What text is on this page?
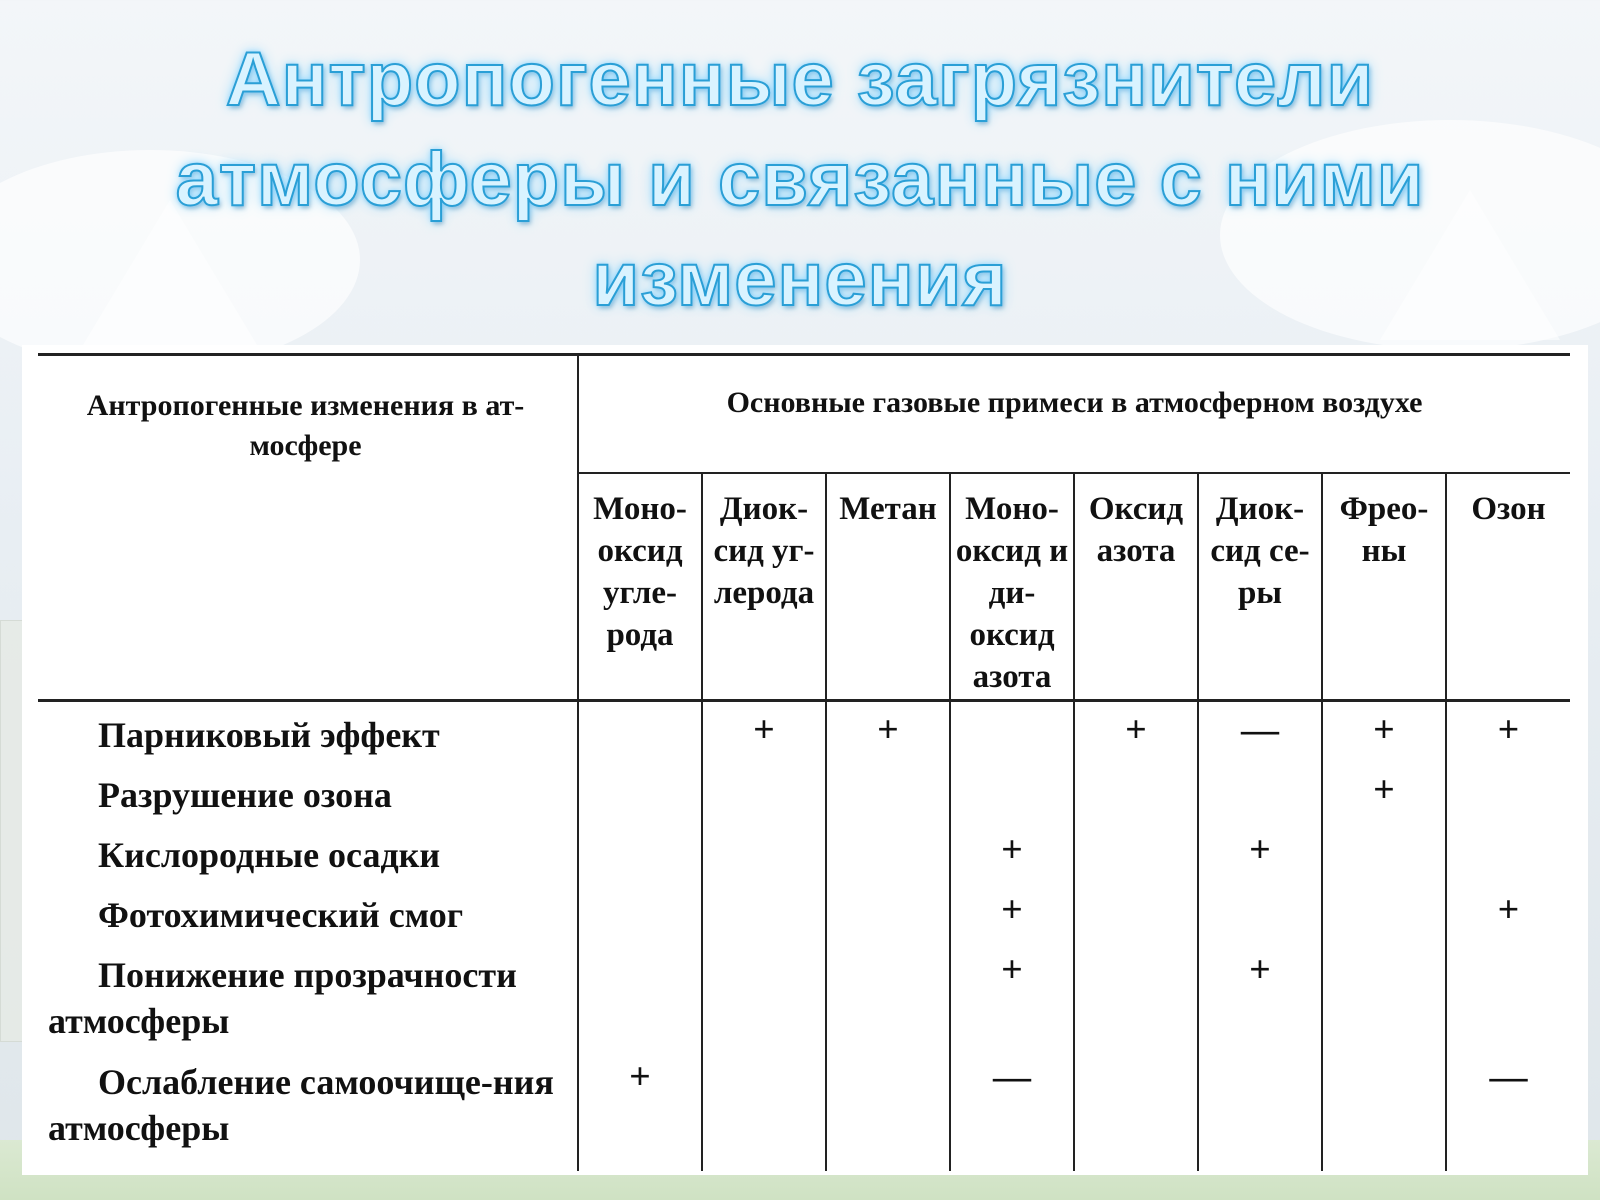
Антропогенные загрязнители атмосферы и связанные с ними изменения
Антропогенные изменения в ат-мосфере	Основные газовые примеси в атмосферном воздухе							
	Моно-оксид угле-рода	Диок-сид уг-лерода	Метан	Моно-оксид и ди-оксид азота	Оксид азота	Диок-сид се-ры	Фрео-ны	Озон

Парниковый эффект		+	+		+	—	+	+

Разрушение озона							+	

Кислородные осадки				+		+		

Фотохимический смог				+				+

Понижение прозрачности атмосферы				+		+		

Ослабление самоочище-ния атмосферы	+			—				—
